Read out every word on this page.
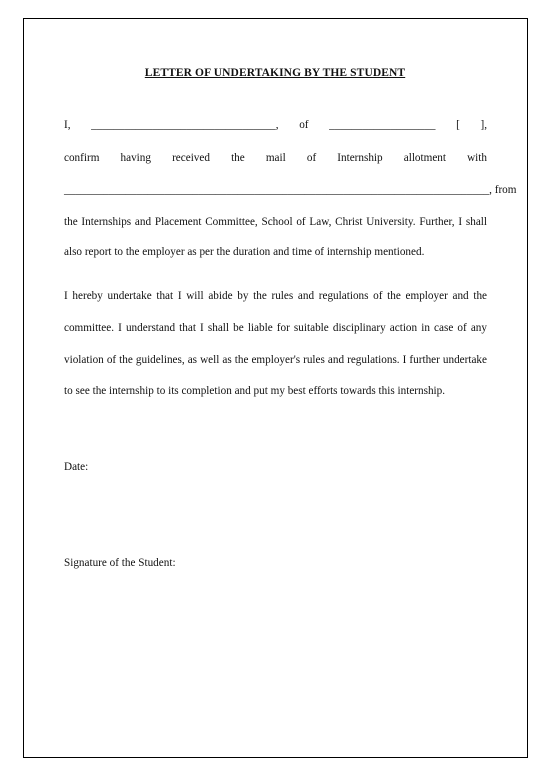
LETTER OF UNDERTAKING BY THE STUDENT
I, _________________________________, of ___________________ [ ],
confirm having received the mail of Internship allotment with
____________________________________________________________________________, from
the Internships and Placement Committee, School of Law, Christ University. Further, I shall
also report to the employer as per the duration and time of internship mentioned.
I hereby undertake that I will abide by the rules and regulations of the employer and the
committee. I understand that I shall be liable for suitable disciplinary action in case of any
violation of the guidelines, as well as the employer's rules and regulations. I further undertake
to see the internship to its completion and put my best efforts towards this internship.
Date:
Signature of the Student:
